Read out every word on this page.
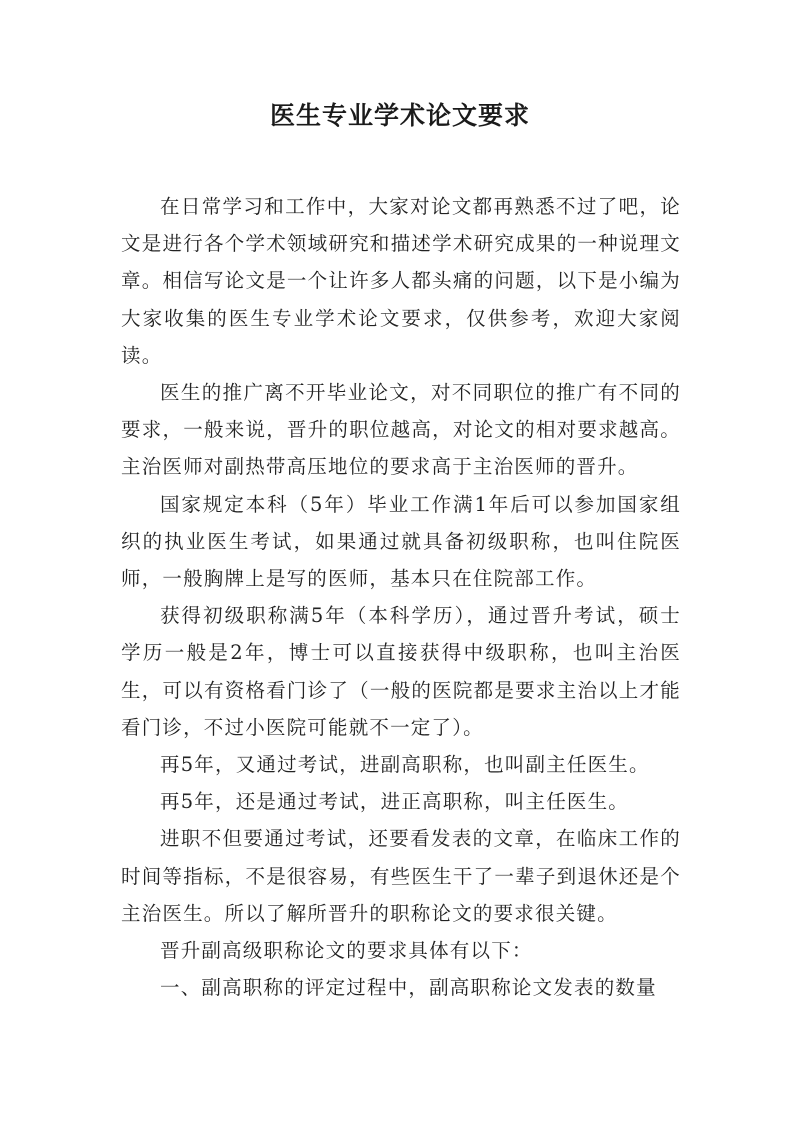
医生专业学术论文要求

在日常学习和工作中，大家对论文都再熟悉不过了吧，论文是进行各个学术领域研究和描述学术研究成果的一种说理文章。相信写论文是一个让许多人都头痛的问题，以下是小编为大家收集的医生专业学术论文要求，仅供参考，欢迎大家阅读。

医生的推广离不开毕业论文，对不同职位的推广有不同的要求，一般来说，晋升的职位越高，对论文的相对要求越高。主治医师对副热带高压地位的要求高于主治医师的晋升。

国家规定本科（5年）毕业工作满1年后可以参加国家组织的执业医生考试，如果通过就具备初级职称，也叫住院医师，一般胸牌上是写的医师，基本只在住院部工作。

获得初级职称满5年（本科学历），通过晋升考试，硕士学历一般是2年，博士可以直接获得中级职称，也叫主治医生，可以有资格看门诊了（一般的医院都是要求主治以上才能看门诊，不过小医院可能就不一定了）。

再5年，又通过考试，进副高职称，也叫副主任医生。

再5年，还是通过考试，进正高职称，叫主任医生。

进职不但要通过考试，还要看发表的文章，在临床工作的时间等指标，不是很容易，有些医生干了一辈子到退休还是个主治医生。所以了解所晋升的职称论文的要求很关键。

晋升副高级职称论文的要求具体有以下：

一、副高职称的评定过程中，副高职称论文发表的数量
